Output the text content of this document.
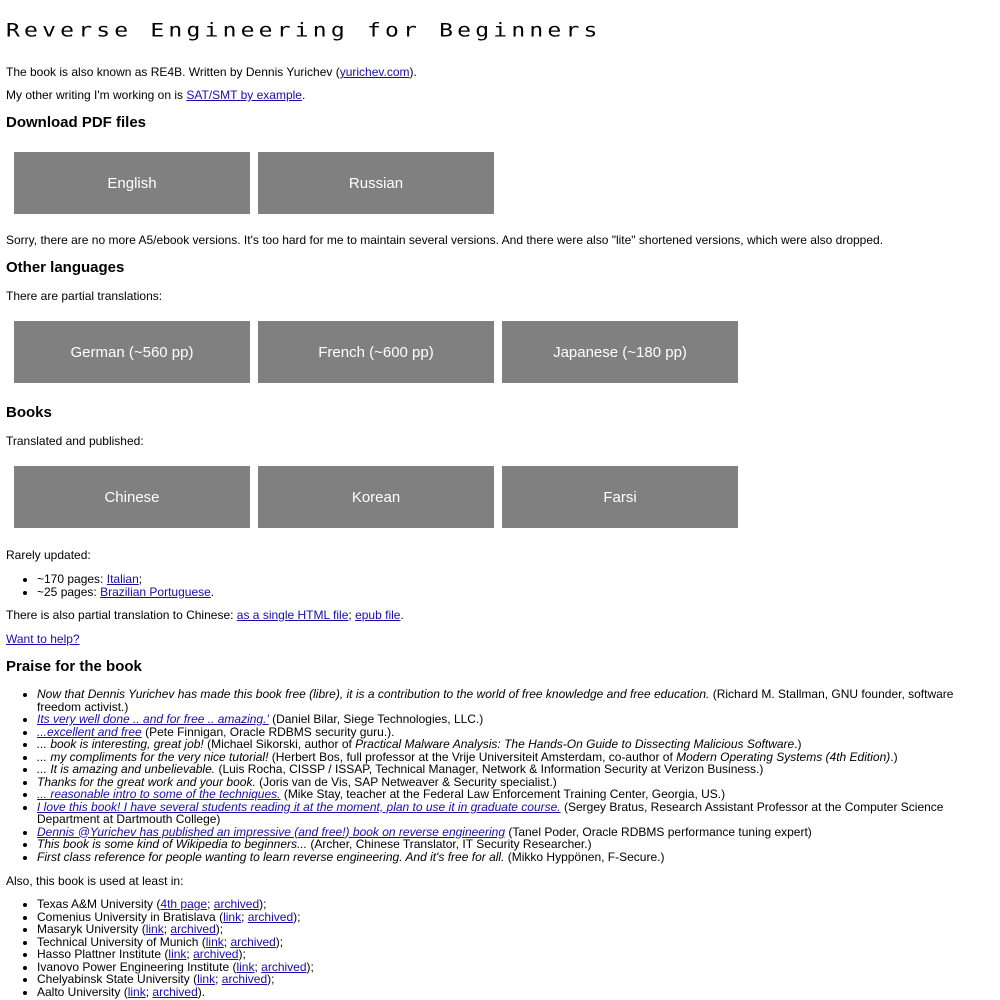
Reverse Engineering for Beginners

The book is also known as RE4B. Written by Dennis Yurichev (yurichev.com).

My other writing I'm working on is SAT/SMT by example.

Download PDF files
English	Russian

Sorry, there are no more A5/ebook versions. It's too hard for me to maintain several versions. And there were also "lite" shortened versions, which were also dropped.

Other languages

There are partial translations:

German (~560 pp)	French (~600 pp)	Japanese (~180 pp)
Books

Translated and published:

Chinese	Korean	Farsi

Rarely updated:

• ~170 pages: Italian;
• ~25 pages: Brazilian Portuguese.

There is also partial translation to Chinese: as a single HTML file; epub file.

Want to help?

Praise for the book
• Now that Dennis Yurichev has made this book free (libre), it is a contribution to the world of free knowledge and free education. (Richard M. Stallman, GNU founder, software freedom activist.)
• Its very well done .. and for free .. amazing.' (Daniel Bilar, Siege Technologies, LLC.)
• ...excellent and free (Pete Finnigan, Oracle RDBMS security guru.).
• ... book is interesting, great job! (Michael Sikorski, author of Practical Malware Analysis: The Hands-On Guide to Dissecting Malicious Software.)
• ... my compliments for the very nice tutorial! (Herbert Bos, full professor at the Vrije Universiteit Amsterdam, co-author of Modern Operating Systems (4th Edition).)
• ... It is amazing and unbelievable. (Luis Rocha, CISSP / ISSAP, Technical Manager, Network & Information Security at Verizon Business.)
• Thanks for the great work and your book. (Joris van de Vis, SAP Netweaver & Security specialist.)
• ... reasonable intro to some of the techniques. (Mike Stay, teacher at the Federal Law Enforcement Training Center, Georgia, US.)
• I love this book! I have several students reading it at the moment, plan to use it in graduate course. (Sergey Bratus, Research Assistant Professor at the Computer Science Department at Dartmouth College)
• Dennis @Yurichev has published an impressive (and free!) book on reverse engineering (Tanel Poder, Oracle RDBMS performance tuning expert)
• This book is some kind of Wikipedia to beginners... (Archer, Chinese Translator, IT Security Researcher.)
• First class reference for people wanting to learn reverse engineering. And it's free for all. (Mikko Hyppönen, F-Secure.)

Also, this book is used at least in:

• Texas A&M University (4th page; archived);
• Comenius University in Bratislava (link; archived);
• Masaryk University (link; archived);
• Technical University of Munich (link; archived);
• Hasso Plattner Institute (link; archived);
• Ivanovo Power Engineering Institute (link; archived);
• Chelyabinsk State University (link; archived);
• Aalto University (link; archived).
